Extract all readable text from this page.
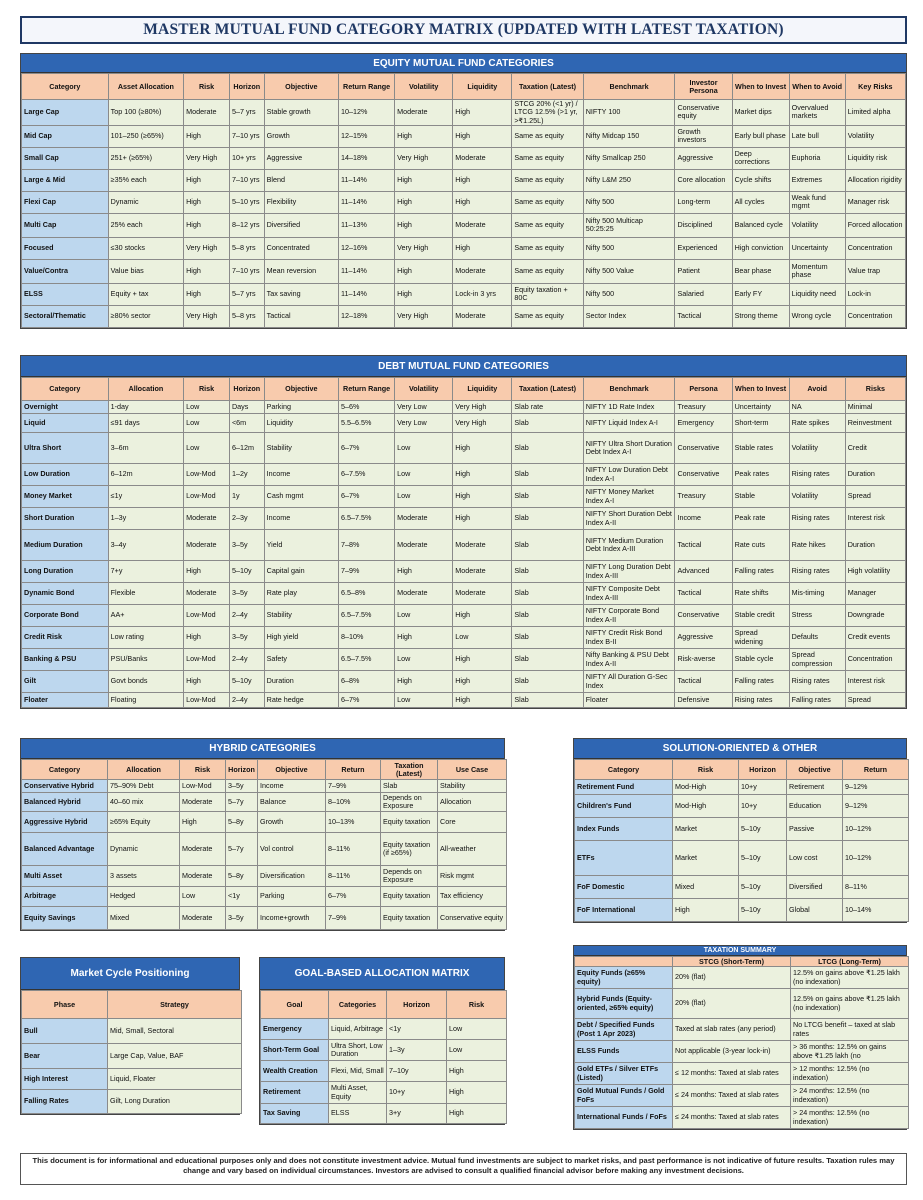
MASTER MUTUAL FUND CATEGORY MATRIX (UPDATED WITH LATEST TAXATION)
EQUITY MUTUAL FUND CATEGORIES
Category	Asset Allocation	Risk	Horizon	Objective	Return Range	Volatility	Liquidity	Taxation (Latest)	Benchmark	Investor Persona	When to Invest	When to Avoid	Key Risks
Large Cap	Top 100 (≥80%)	Moderate	5–7 yrs	Stable growth	10–12%	Moderate	High	STCG 20% (<1 yr) / LTCG 12.5% (>1 yr, >₹1.25L)	NIFTY 100	Conservative equity	Market dips	Overvalued markets	Limited alpha
Mid Cap	101–250 (≥65%)	High	7–10 yrs	Growth	12–15%	High	High	Same as equity	Nifty Midcap 150	Growth investors	Early bull phase	Late bull	Volatility
Small Cap	251+ (≥65%)	Very High	10+ yrs	Aggressive	14–18%	Very High	Moderate	Same as equity	Nifty Smallcap 250	Aggressive	Deep corrections	Euphoria	Liquidity risk
Large & Mid	≥35% each	High	7–10 yrs	Blend	11–14%	High	High	Same as equity	Nifty L&M 250	Core allocation	Cycle shifts	Extremes	Allocation rigidity
Flexi Cap	Dynamic	High	5–10 yrs	Flexibility	11–14%	High	High	Same as equity	Nifty 500	Long-term	All cycles	Weak fund mgmt	Manager risk
Multi Cap	25% each	High	8–12 yrs	Diversified	11–13%	High	Moderate	Same as equity	Nifty 500 Multicap 50:25:25	Disciplined	Balanced cycle	Volatility	Forced allocation
Focused	≤30 stocks	Very High	5–8 yrs	Concentrated	12–16%	Very High	High	Same as equity	Nifty 500	Experienced	High conviction	Uncertainty	Concentration
Value/Contra	Value bias	High	7–10 yrs	Mean reversion	11–14%	High	Moderate	Same as equity	Nifty 500 Value	Patient	Bear phase	Momentum phase	Value trap
ELSS	Equity + tax	High	5–7 yrs	Tax saving	11–14%	High	Lock-in 3 yrs	Equity taxation + 80C	Nifty 500	Salaried	Early FY	Liquidity need	Lock-in
Sectoral/Thematic	≥80% sector	Very High	5–8 yrs	Tactical	12–18%	Very High	Moderate	Same as equity	Sector Index	Tactical	Strong theme	Wrong cycle	Concentration
DEBT MUTUAL FUND CATEGORIES
Category	Allocation	Risk	Horizon	Objective	Return Range	Volatility	Liquidity	Taxation (Latest)	Benchmark	Persona	When to Invest	Avoid	Risks
Overnight	1-day	Low	Days	Parking	5–6%	Very Low	Very High	Slab rate	NIFTY 1D Rate Index	Treasury	Uncertainty	NA	Minimal
Liquid	≤91 days	Low	<6m	Liquidity	5.5–6.5%	Very Low	Very High	Slab	NIFTY Liquid Index A-I	Emergency	Short-term	Rate spikes	Reinvestment
Ultra Short	3–6m	Low	6–12m	Stability	6–7%	Low	High	Slab	NIFTY Ultra Short Duration Debt Index A-I	Conservative	Stable rates	Volatility	Credit
Low Duration	6–12m	Low-Mod	1–2y	Income	6–7.5%	Low	High	Slab	NIFTY Low Duration Debt Index A-I	Conservative	Peak rates	Rising rates	Duration
Money Market	≤1y	Low-Mod	1y	Cash mgmt	6–7%	Low	High	Slab	NIFTY Money Market Index A-I	Treasury	Stable	Volatility	Spread
Short Duration	1–3y	Moderate	2–3y	Income	6.5–7.5%	Moderate	High	Slab	NIFTY Short Duration Debt Index A-II	Income	Peak rate	Rising rates	Interest risk
Medium Duration	3–4y	Moderate	3–5y	Yield	7–8%	Moderate	Moderate	Slab	NIFTY Medium Duration Debt Index A-III	Tactical	Rate cuts	Rate hikes	Duration
Long Duration	7+y	High	5–10y	Capital gain	7–9%	High	Moderate	Slab	NIFTY Long Duration Debt Index A-III	Advanced	Falling rates	Rising rates	High volatility
Dynamic Bond	Flexible	Moderate	3–5y	Rate play	6.5–8%	Moderate	Moderate	Slab	NIFTY Composite Debt Index A-III	Tactical	Rate shifts	Mis-timing	Manager
Corporate Bond	AA+	Low-Mod	2–4y	Stability	6.5–7.5%	Low	High	Slab	NIFTY Corporate Bond Index A-II	Conservative	Stable credit	Stress	Downgrade
Credit Risk	Low rating	High	3–5y	High yield	8–10%	High	Low	Slab	NIFTY Credit Risk Bond Index B-II	Aggressive	Spread widening	Defaults	Credit events
Banking & PSU	PSU/Banks	Low-Mod	2–4y	Safety	6.5–7.5%	Low	High	Slab	Nifty Banking & PSU Debt Index A-II	Risk-averse	Stable cycle	Spread compression	Concentration
Gilt	Govt bonds	High	5–10y	Duration	6–8%	High	High	Slab	NIFTY All Duration G-Sec Index	Tactical	Falling rates	Rising rates	Interest risk
Floater	Floating	Low-Mod	2–4y	Rate hedge	6–7%	Low	High	Slab	Floater	Defensive	Rising rates	Falling rates	Spread
HYBRID CATEGORIES
Category	Allocation	Risk	Horizon	Objective	Return	Taxation (Latest)	Use Case
Conservative Hybrid	75–90% Debt	Low-Mod	3–5y	Income	7–9%	Slab	Stability
Balanced Hybrid	40–60 mix	Moderate	5–7y	Balance	8–10%	Depends on Exposure	Allocation
Aggressive Hybrid	≥65% Equity	High	5–8y	Growth	10–13%	Equity taxation	Core
Balanced Advantage	Dynamic	Moderate	5–7y	Vol control	8–11%	Equity taxation (if ≥65%)	All-weather
Multi Asset	3 assets	Moderate	5–8y	Diversification	8–11%	Depends on Exposure	Risk mgmt
Arbitrage	Hedged	Low	<1y	Parking	6–7%	Equity taxation	Tax efficiency
Equity Savings	Mixed	Moderate	3–5y	Income+growth	7–9%	Equity taxation	Conservative equity
SOLUTION-ORIENTED & OTHER
Category	Risk	Horizon	Objective	Return
Retirement Fund	Mod-High	10+y	Retirement	9–12%
Children's Fund	Mod-High	10+y	Education	9–12%
Index Funds	Market	5–10y	Passive	10–12%
ETFs	Market	5–10y	Low cost	10–12%
FoF Domestic	Mixed	5–10y	Diversified	8–11%
FoF International	High	5–10y	Global	10–14%
TAXATION SUMMARY
	STCG (Short-Term)	LTCG (Long-Term)
Equity Funds (≥65% equity)	20% (flat)	12.5% on gains above ₹1.25 lakh (no indexation)
Hybrid Funds (Equity-oriented, ≥65% equity)	20% (flat)	12.5% on gains above ₹1.25 lakh (no indexation)
Debt / Specified Funds (Post 1 Apr 2023)	Taxed at slab rates (any period)	No LTCG benefit – taxed at slab rates
ELSS Funds	Not applicable (3-year lock-in)	> 36 months: 12.5% on gains above ₹1.25 lakh (no
Gold ETFs / Silver ETFs (Listed)	≤ 12 months: Taxed at slab rates	> 12 months: 12.5% (no indexation)
Gold Mutual Funds / Gold FoFs	≤ 24 months: Taxed at slab rates	> 24 months: 12.5% (no indexation)
International Funds / FoFs	≤ 24 months: Taxed at slab rates	> 24 months: 12.5% (no indexation)
Market Cycle Positioning
Phase	Strategy
Bull	Mid, Small, Sectoral
Bear	Large Cap, Value, BAF
High Interest	Liquid, Floater
Falling Rates	Gilt, Long Duration
GOAL-BASED ALLOCATION MATRIX
Goal	Categories	Horizon	Risk
Emergency	Liquid, Arbitrage	<1y	Low
Short-Term Goal	Ultra Short, Low Duration	1–3y	Low
Wealth Creation	Flexi, Mid, Small	7–10y	High
Retirement	Multi Asset, Equity	10+y	High
Tax Saving	ELSS	3+y	High
This document is for informational and educational purposes only and does not constitute investment advice. Mutual fund investments are subject to market risks, and past performance is not indicative of future results. Taxation rules may change and vary based on individual circumstances. Investors are advised to consult a qualified financial advisor before making any investment decisions.
